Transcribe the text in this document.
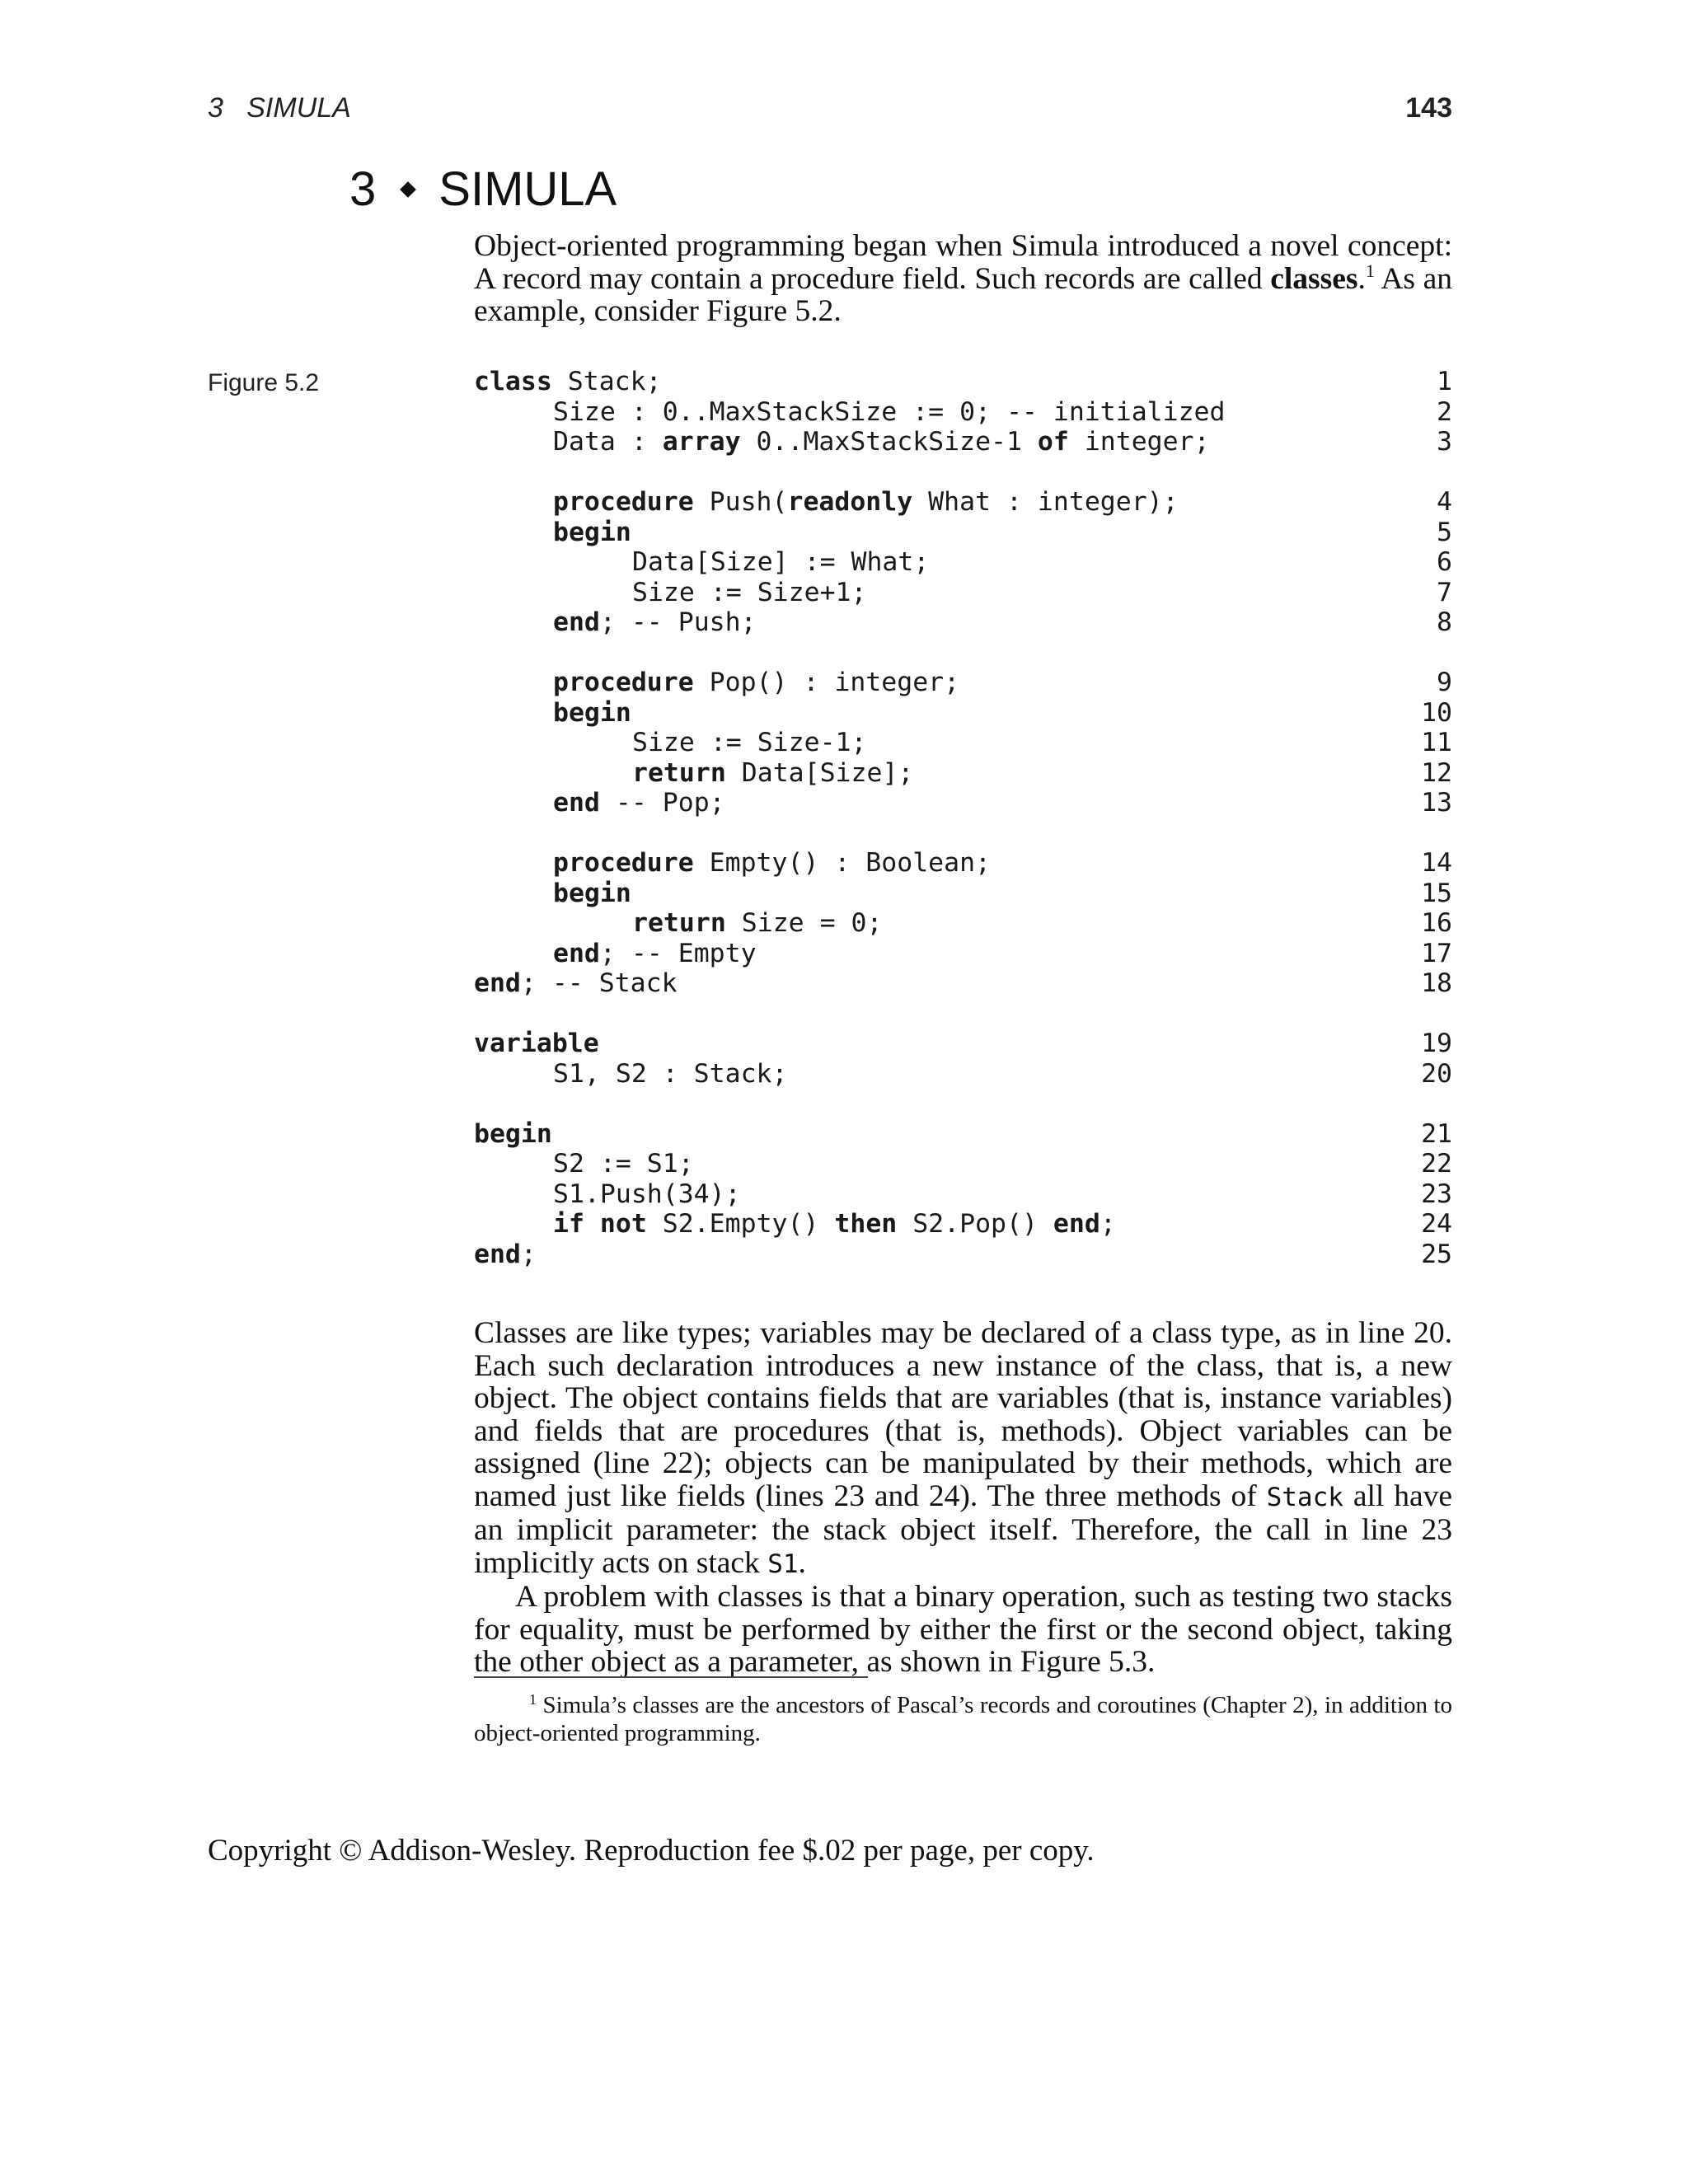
3   SIMULA	143
3 SIMULA

Object-oriented programming began when Simula introduced a novel concept: A record may contain a procedure field. Such records are called classes.$^1$ As an example, consider Figure 5.2.

Figure 5.2	class Stack;	1
Size : 0..MaxStackSize := 0; -- initialized	2
Data : array 0..MaxStackSize-1 of integer;	3
procedure Push(readonly What : integer);	4
begin	5
Data[Size] := What;	6
Size := Size+1;	7
end; -- Push;	8
procedure Pop() : integer;	9
begin	10
Size := Size-1;	11
return Data[Size];	12
end -- Pop;	13
procedure Empty() : Boolean;	14
begin	15
return Size = 0;	16
end; -- Empty	17
end; -- Stack	18
variable	19
S1, S2 : Stack;	20
begin	21
S2 := S1;	22
S1.Push(34);	23
if not S2.Empty() then S2.Pop() end;	24
end;	25

Classes are like types; variables may be declared of a class type, as in line 20. Each such declaration introduces a new instance of the class, that is, a new object. The object contains fields that are variables (that is, instance variables) and fields that are procedures (that is, methods). Object variables can be assigned (line 22); objects can be manipulated by their methods, which are named just like fields (lines 23 and 24). The three methods of Stack all have an implicit parameter: the stack object itself. Therefore, the call in line 23 implicitly acts on stack S1.

A problem with classes is that a binary operation, such as testing two stacks for equality, must be performed by either the first or the second object, taking the other object as a parameter, as shown in Figure 5.3.

$^1$ Simula’s classes are the ancestors of Pascal’s records and coroutines (Chapter 2), in addition to object-oriented programming.

Copyright © Addison-Wesley. Reproduction fee $.02 per page, per copy.
